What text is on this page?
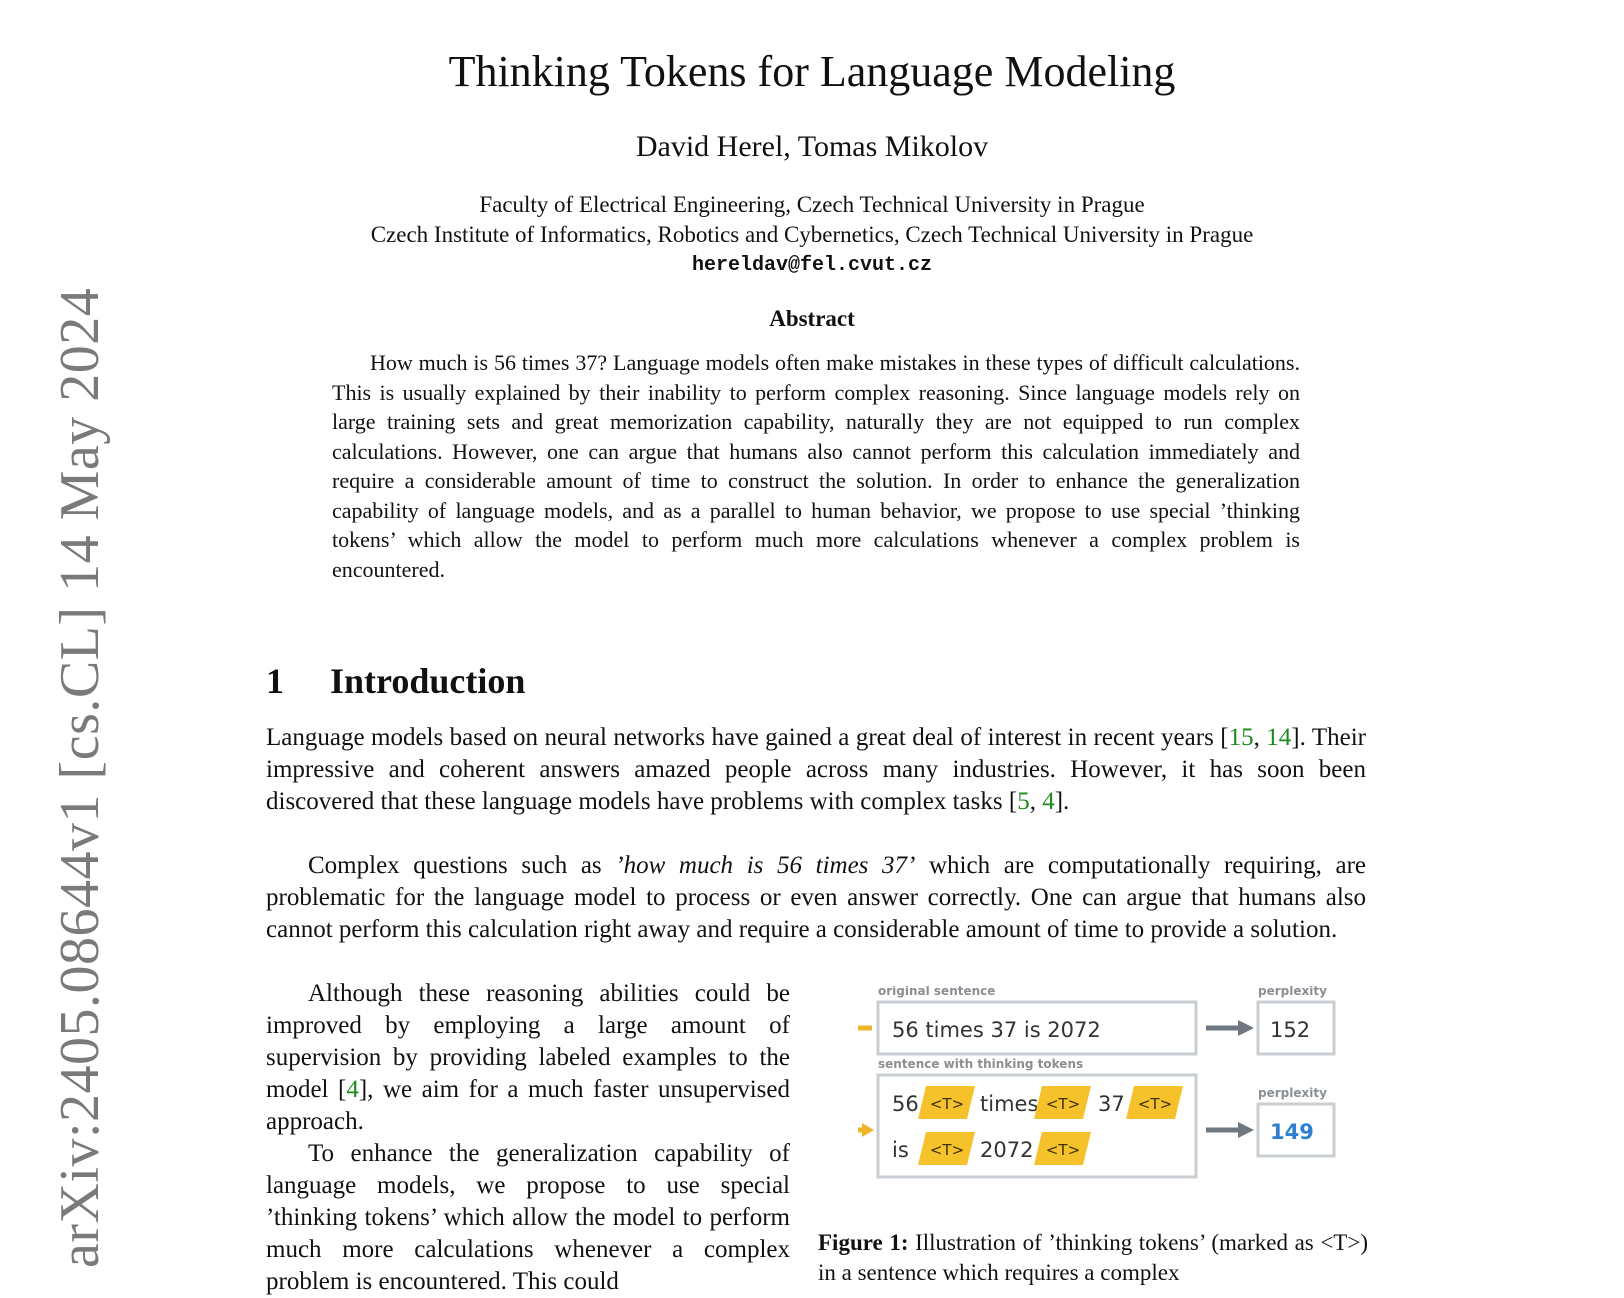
arXiv:2405.08644v1 [cs.CL] 14 May 2024
Thinking Tokens for Language Modeling

David Herel, Tomas Mikolov

Faculty of Electrical Engineering, Czech Technical University in Prague

Czech Institute of Informatics, Robotics and Cybernetics, Czech Technical University in Prague

hereldav@fel.cvut.cz

Abstract

How much is 56 times 37? Language models often make mistakes in these types of difficult calculations. This is usually explained by their inability to perform complex reasoning. Since language models rely on large training sets and great memorization capability, naturally they are not equipped to run complex calculations. However, one can argue that humans also cannot perform this calculation immediately and require a considerable amount of time to construct the solution. In order to enhance the generalization capability of language models, and as a parallel to human behavior, we propose to use special ’thinking tokens’ which allow the model to perform much more calculations whenever a complex problem is encountered.

1 Introduction

Language models based on neural networks have gained a great deal of interest in recent years [15, 14]. Their impressive and coherent answers amazed people across many industries. However, it has soon been discovered that these language models have problems with complex tasks [5, 4].

Complex questions such as ’how much is 56 times 37’ which are computationally requiring, are problematic for the language model to process or even answer correctly. One can argue that humans also cannot perform this calculation right away and require a considerable amount of time to provide a solution.

Although these reasoning abilities could be improved by employing a large amount of supervision by providing labeled examples to the model [4], we aim for a much faster unsupervised approach.

To enhance the generalization capability of language models, we propose to use special ’thinking tokens’ which allow the model to perform much more calculations whenever a complex problem is encountered. This could

original sentence	perplexity
sentence with thinking tokens
perplexity
56 times 37 is 2072	152
56 <T> times <T> 37 <T>
is <T> 2072 <T>
149

Figure 1: Illustration of ’thinking tokens’ (marked as <T>) in a sentence which requires a complex
